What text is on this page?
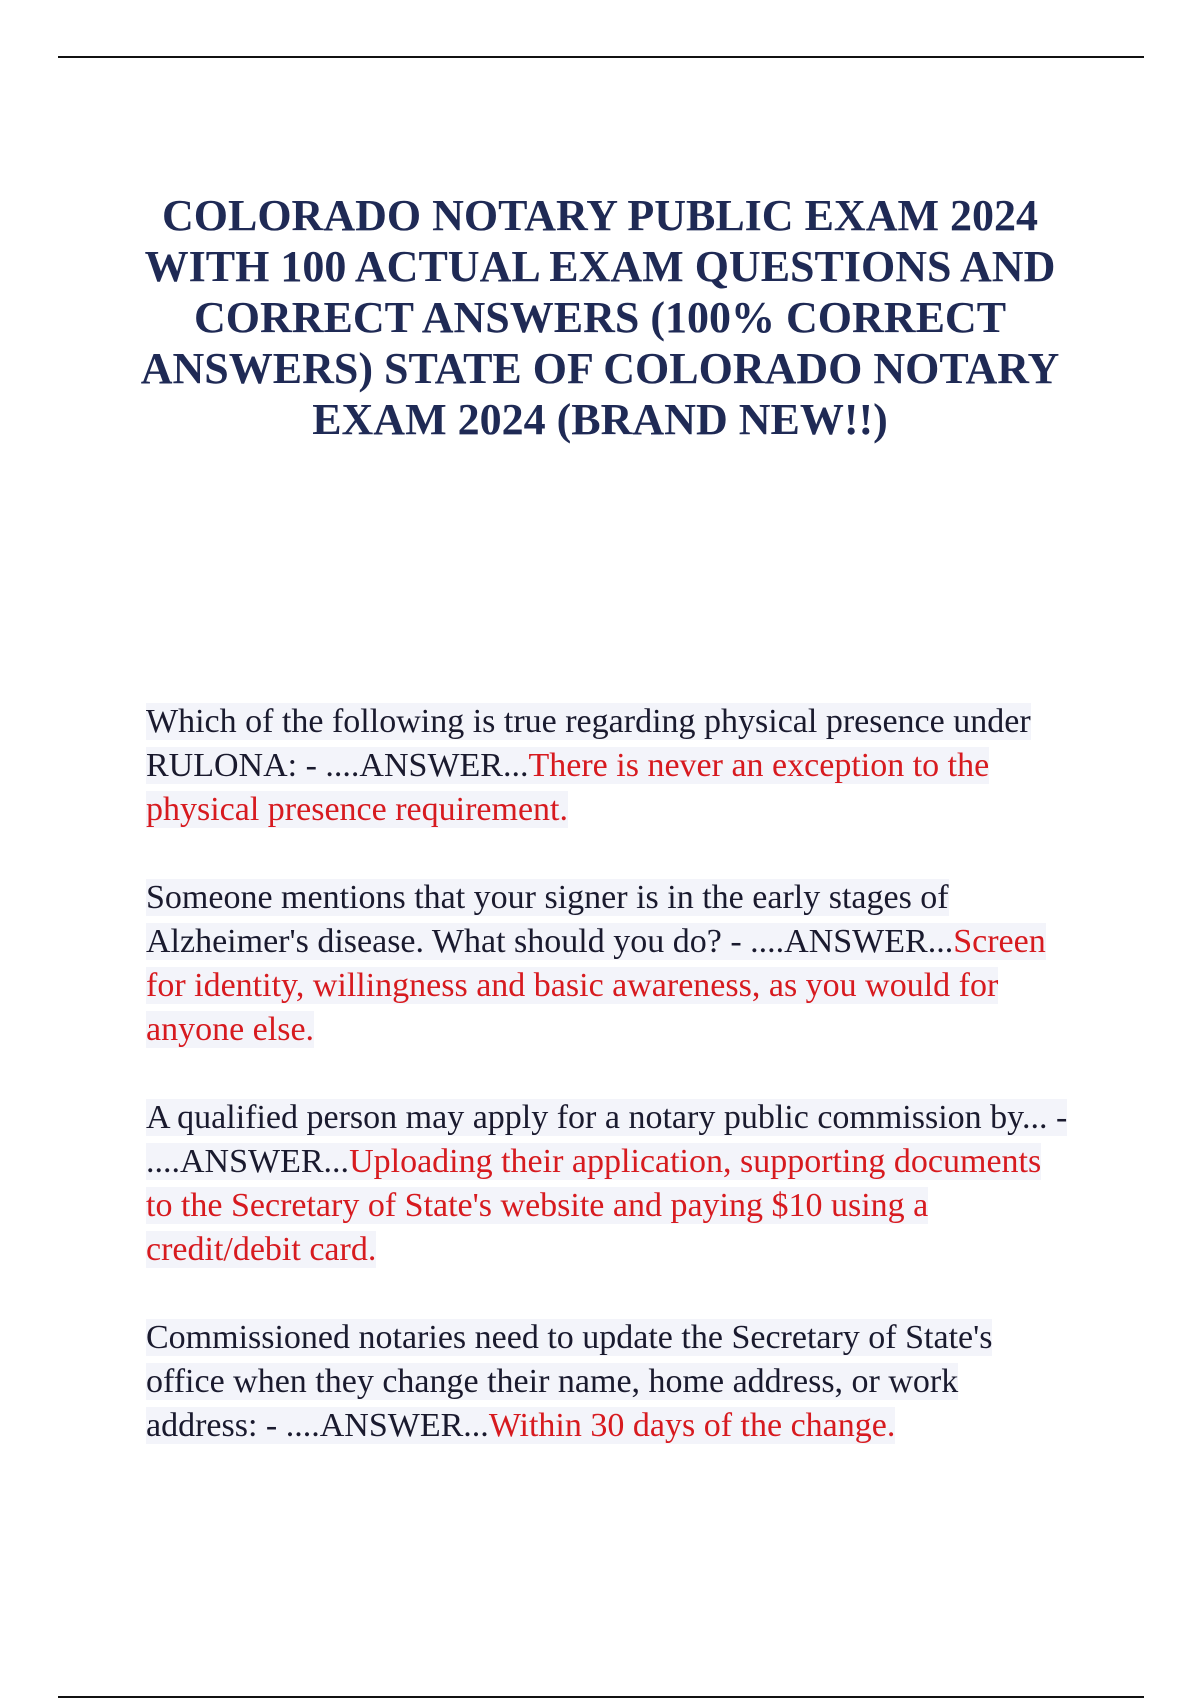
COLORADO NOTARY PUBLIC EXAM 2024 WITH 100 ACTUAL EXAM QUESTIONS AND CORRECT ANSWERS (100% CORRECT ANSWERS) STATE OF COLORADO NOTARY EXAM 2024 (BRAND NEW!!)

Which of the following is true regarding physical presence under RULONA: - ....ANSWER...There is never an exception to the physical presence requirement.

Someone mentions that your signer is in the early stages of Alzheimer's disease. What should you do? - ....ANSWER...Screen for identity, willingness and basic awareness, as you would for anyone else.

A qualified person may apply for a notary public commission by... - ....ANSWER...Uploading their application, supporting documents to the Secretary of State's website and paying $10 using a credit/debit card.

Commissioned notaries need to update the Secretary of State's office when they change their name, home address, or work address: - ....ANSWER...Within 30 days of the change.
